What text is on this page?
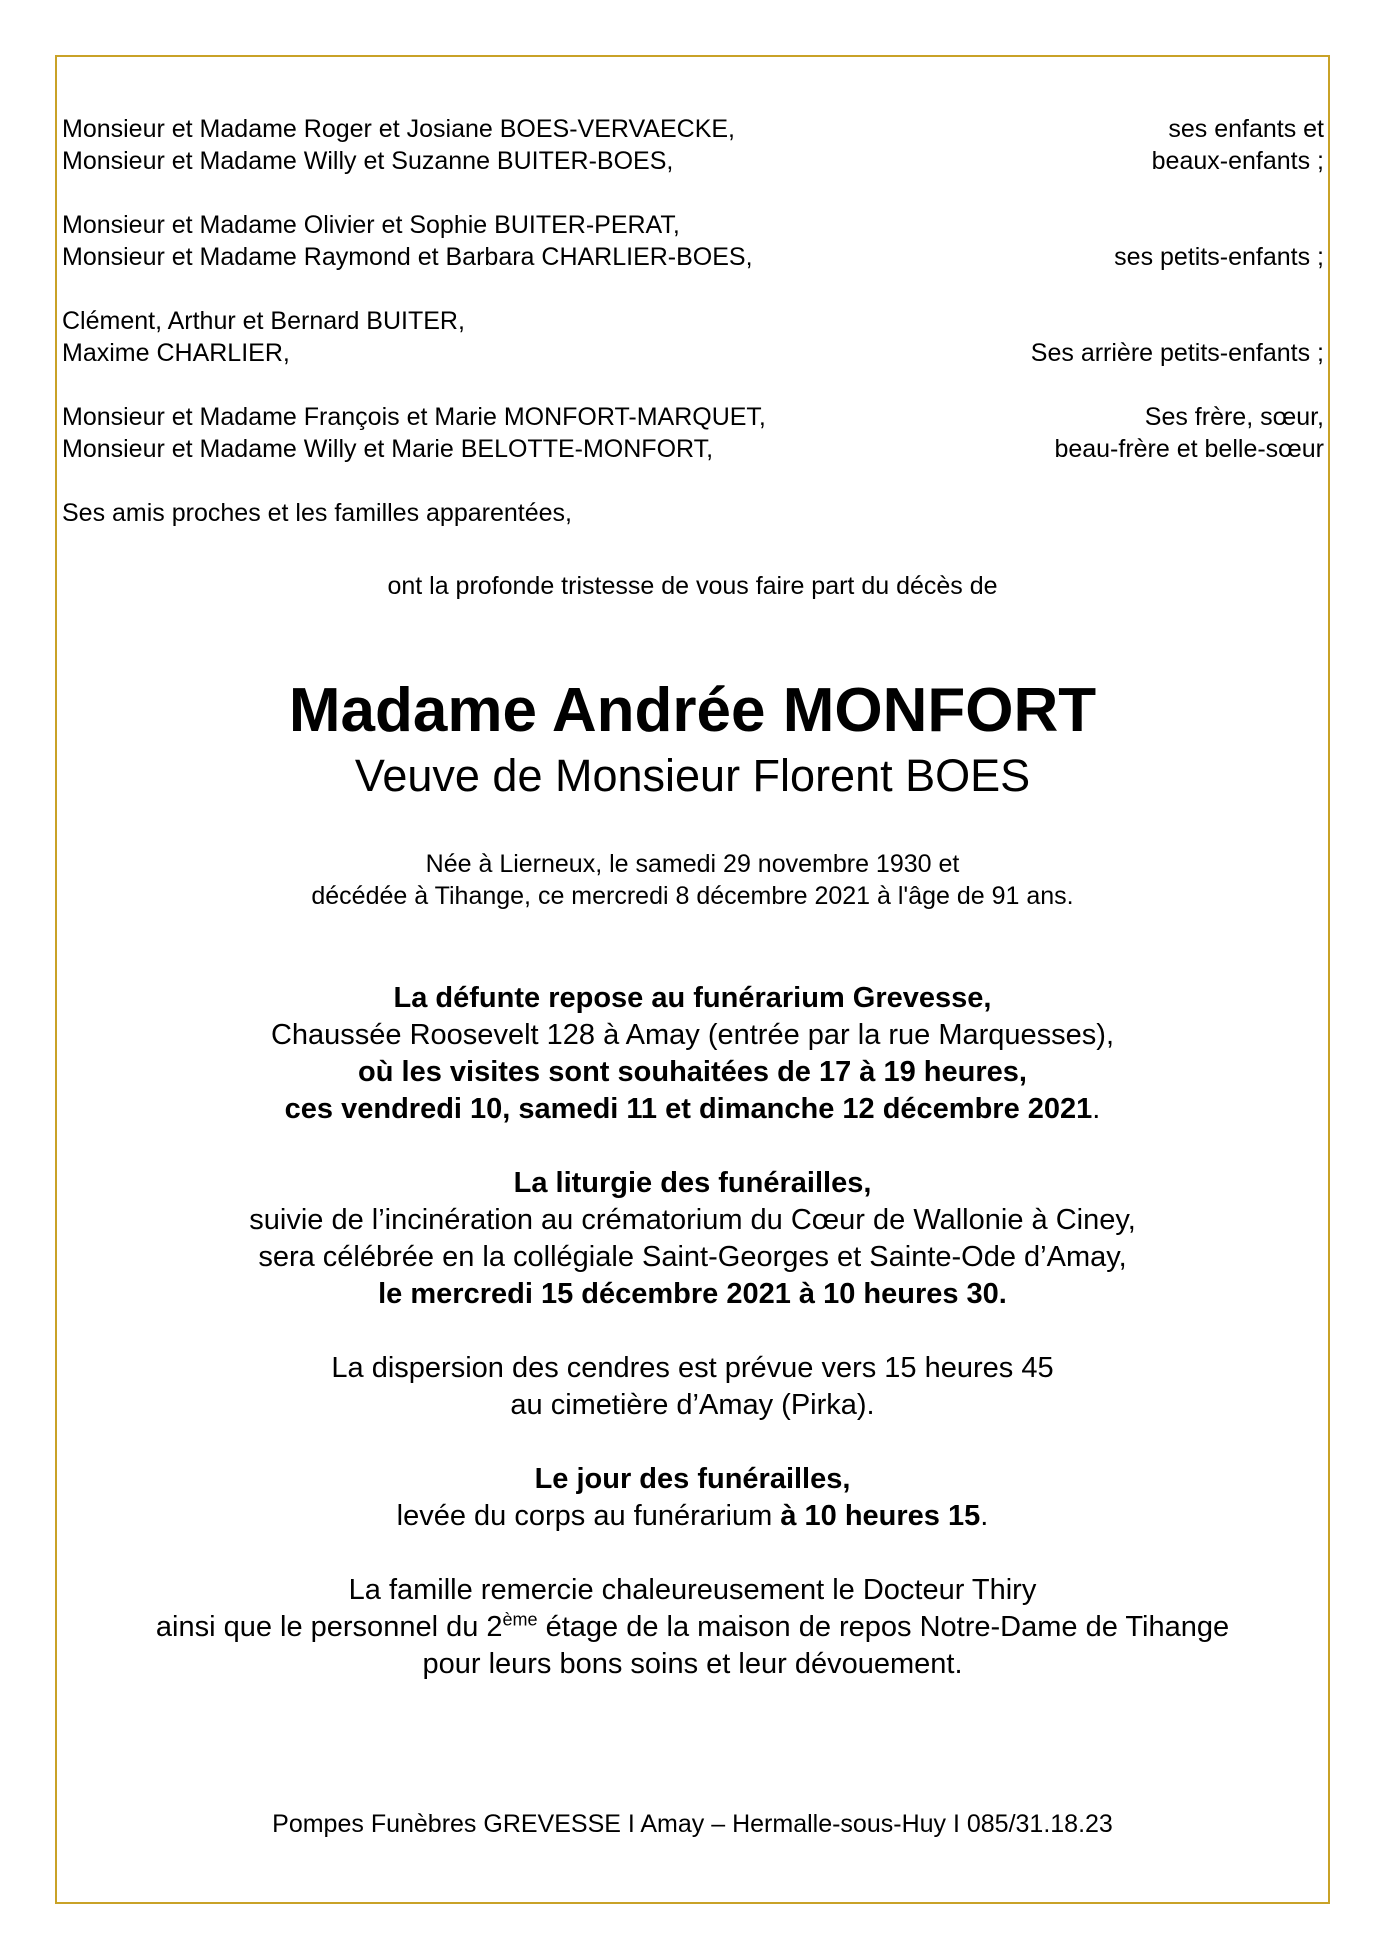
Monsieur et Madame Roger et Josiane BOES-VERVAECKE,	ses enfants et
Monsieur et Madame Willy et Suzanne BUITER-BOES,	beaux-enfants ;
Monsieur et Madame Olivier et Sophie BUITER-PERAT,
Monsieur et Madame Raymond et Barbara CHARLIER-BOES,	ses petits-enfants ;
Clément, Arthur et Bernard BUITER,
Maxime CHARLIER,	Ses arrière petits-enfants ;
Monsieur et Madame François et Marie MONFORT-MARQUET,	Ses frère, sœur,
Monsieur et Madame Willy et Marie BELOTTE-MONFORT,	beau-frère et belle-sœur
Ses amis proches et les familles apparentées,
ont la profonde tristesse de vous faire part du décès de
Madame Andrée MONFORT
Veuve de Monsieur Florent BOES
Née à Lierneux, le samedi 29 novembre 1930 et
décédée à Tihange, ce mercredi 8 décembre 2021 à l'âge de 91 ans.
La défunte repose au funérarium Grevesse,
Chaussée Roosevelt 128 à Amay (entrée par la rue Marquesses),
où les visites sont souhaitées de 17 à 19 heures,
ces vendredi 10, samedi 11 et dimanche 12 décembre 2021.
La liturgie des funérailles,
suivie de l’incinération au crématorium du Cœur de Wallonie à Ciney,
sera célébrée en la collégiale Saint-Georges et Sainte-Ode d’Amay,
le mercredi 15 décembre 2021 à 10 heures 30.
La dispersion des cendres est prévue vers 15 heures 45
au cimetière d’Amay (Pirka).
Le jour des funérailles,
levée du corps au funérarium à 10 heures 15.
La famille remercie chaleureusement le Docteur Thiry
ainsi que le personnel du 2ème étage de la maison de repos Notre-Dame de Tihange
pour leurs bons soins et leur dévouement.
Pompes Funèbres GREVESSE I Amay – Hermalle-sous-Huy I 085/31.18.23
